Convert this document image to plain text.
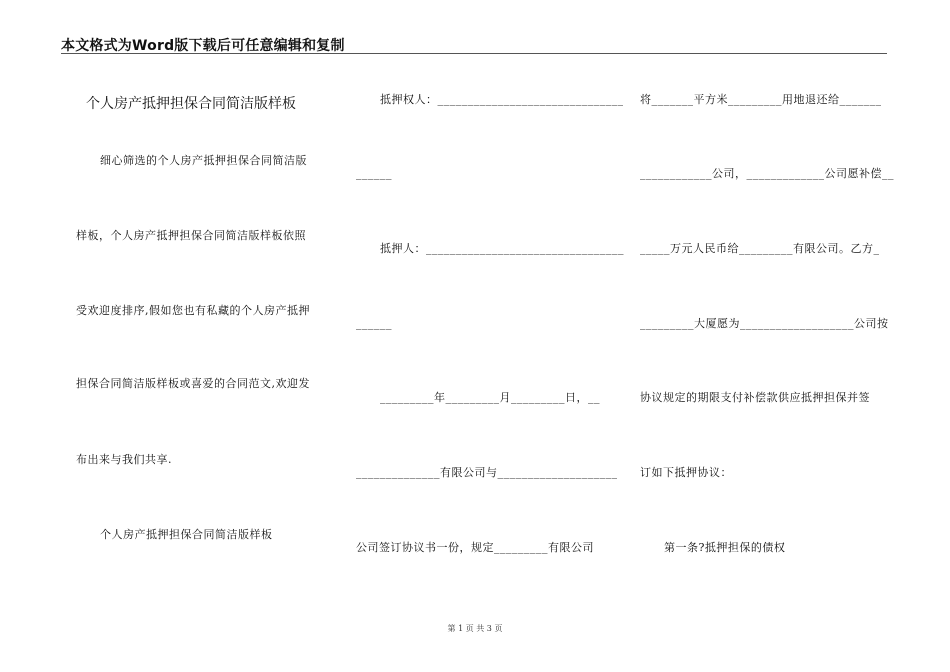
本文格式为Word版下载后可任意编辑和复制
个人房产抵押担保合同简洁版样板
细心筛选的个人房产抵押担保合同简洁版
样板，个人房产抵押担保合同简洁版样板依照
受欢迎度排序,假如您也有私藏的个人房产抵押
担保合同简洁版样板或喜爱的合同范文,欢迎发
布出来与我们共享.
个人房产抵押担保合同简洁版样板
抵押权人：_______________________________
______
抵押人：_________________________________
______
_________年_________月_________日，__
______________有限公司与____________________
公司签订协议书一份，规定_________有限公司
将_______平方米_________用地退还给_______
____________公司，_____________公司愿补偿__
_____万元人民币给_________有限公司。乙方_
_________大厦愿为___________________公司按
协议规定的期限支付补偿款供应抵押担保并签
订如下抵押协议：
第一条?抵押担保的债权
第 1 页 共 3 页
